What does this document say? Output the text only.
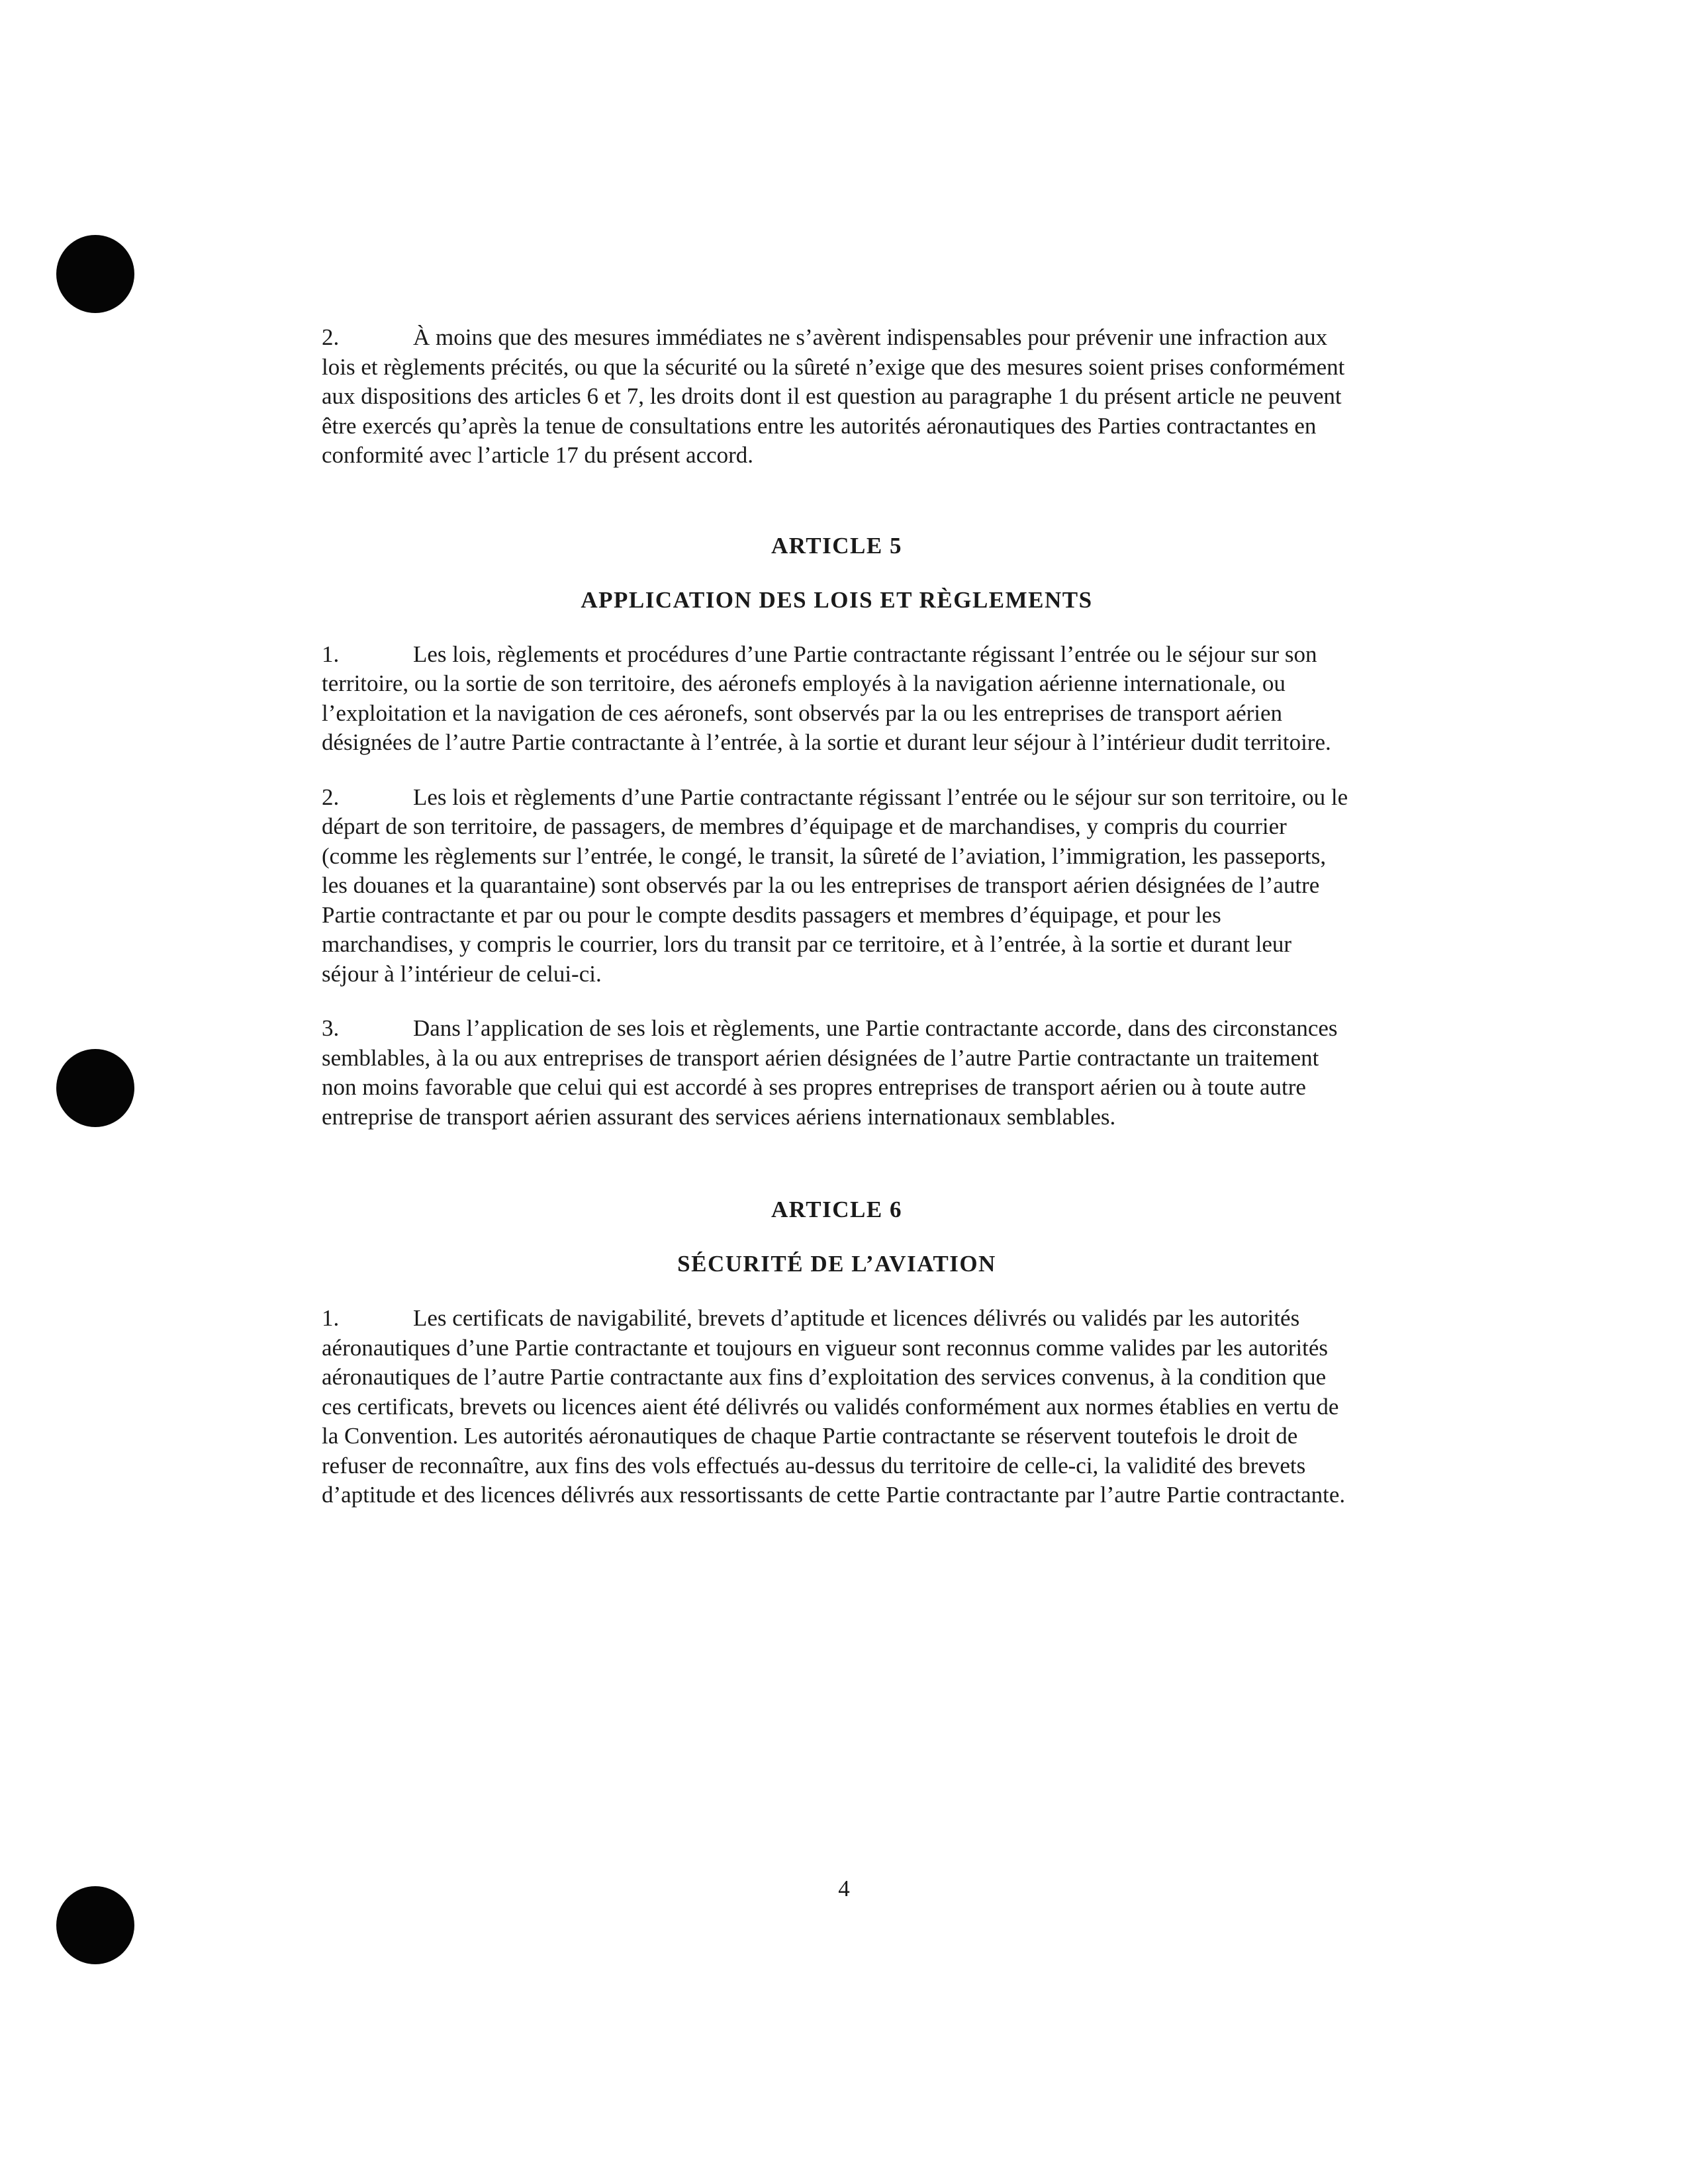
2.	À moins que des mesures immédiates ne s’avèrent indispensables pour prévenir une infraction aux lois et règlements précités, ou que la sécurité ou la sûreté n’exige que des mesures soient prises conformément aux dispositions des articles 6 et 7, les droits dont il est question au paragraphe 1 du présent article ne peuvent être exercés qu’après la tenue de consultations entre les autorités aéronautiques des Parties contractantes en conformité avec l’article 17 du présent accord.

ARTICLE 5
APPLICATION DES LOIS ET RÈGLEMENTS

1.	Les lois, règlements et procédures d’une Partie contractante régissant l’entrée ou le séjour sur son territoire, ou la sortie de son territoire, des aéronefs employés à la navigation aérienne internationale, ou l’exploitation et la navigation de ces aéronefs, sont observés par la ou les entreprises de transport aérien désignées de l’autre Partie contractante à l’entrée, à la sortie et durant leur séjour à l’intérieur dudit territoire.

2.	Les lois et règlements d’une Partie contractante régissant l’entrée ou le séjour sur son territoire, ou le départ de son territoire, de passagers, de membres d’équipage et de marchandises, y compris du courrier (comme les règlements sur l’entrée, le congé, le transit, la sûreté de l’aviation, l’immigration, les passeports, les douanes et la quarantaine) sont observés par la ou les entreprises de transport aérien désignées de l’autre Partie contractante et par ou pour le compte desdits passagers et membres d’équipage, et pour les marchandises, y compris le courrier, lors du transit par ce territoire, et à l’entrée, à la sortie et durant leur séjour à l’intérieur de celui-ci.

3.	Dans l’application de ses lois et règlements, une Partie contractante accorde, dans des circonstances semblables, à la ou aux entreprises de transport aérien désignées de l’autre Partie contractante un traitement non moins favorable que celui qui est accordé à ses propres entreprises de transport aérien ou à toute autre entreprise de transport aérien assurant des services aériens internationaux semblables.

ARTICLE 6
SÉCURITÉ DE L’AVIATION

1.	Les certificats de navigabilité, brevets d’aptitude et licences délivrés ou validés par les autorités aéronautiques d’une Partie contractante et toujours en vigueur sont reconnus comme valides par les autorités aéronautiques de l’autre Partie contractante aux fins d’exploitation des services convenus, à la condition que ces certificats, brevets ou licences aient été délivrés ou validés conformément aux normes établies en vertu de la Convention. Les autorités aéronautiques de chaque Partie contractante se réservent toutefois le droit de refuser de reconnaître, aux fins des vols effectués au-dessus du territoire de celle-ci, la validité des brevets d’aptitude et des licences délivrés aux ressortissants de cette Partie contractante par l’autre Partie contractante.

4
